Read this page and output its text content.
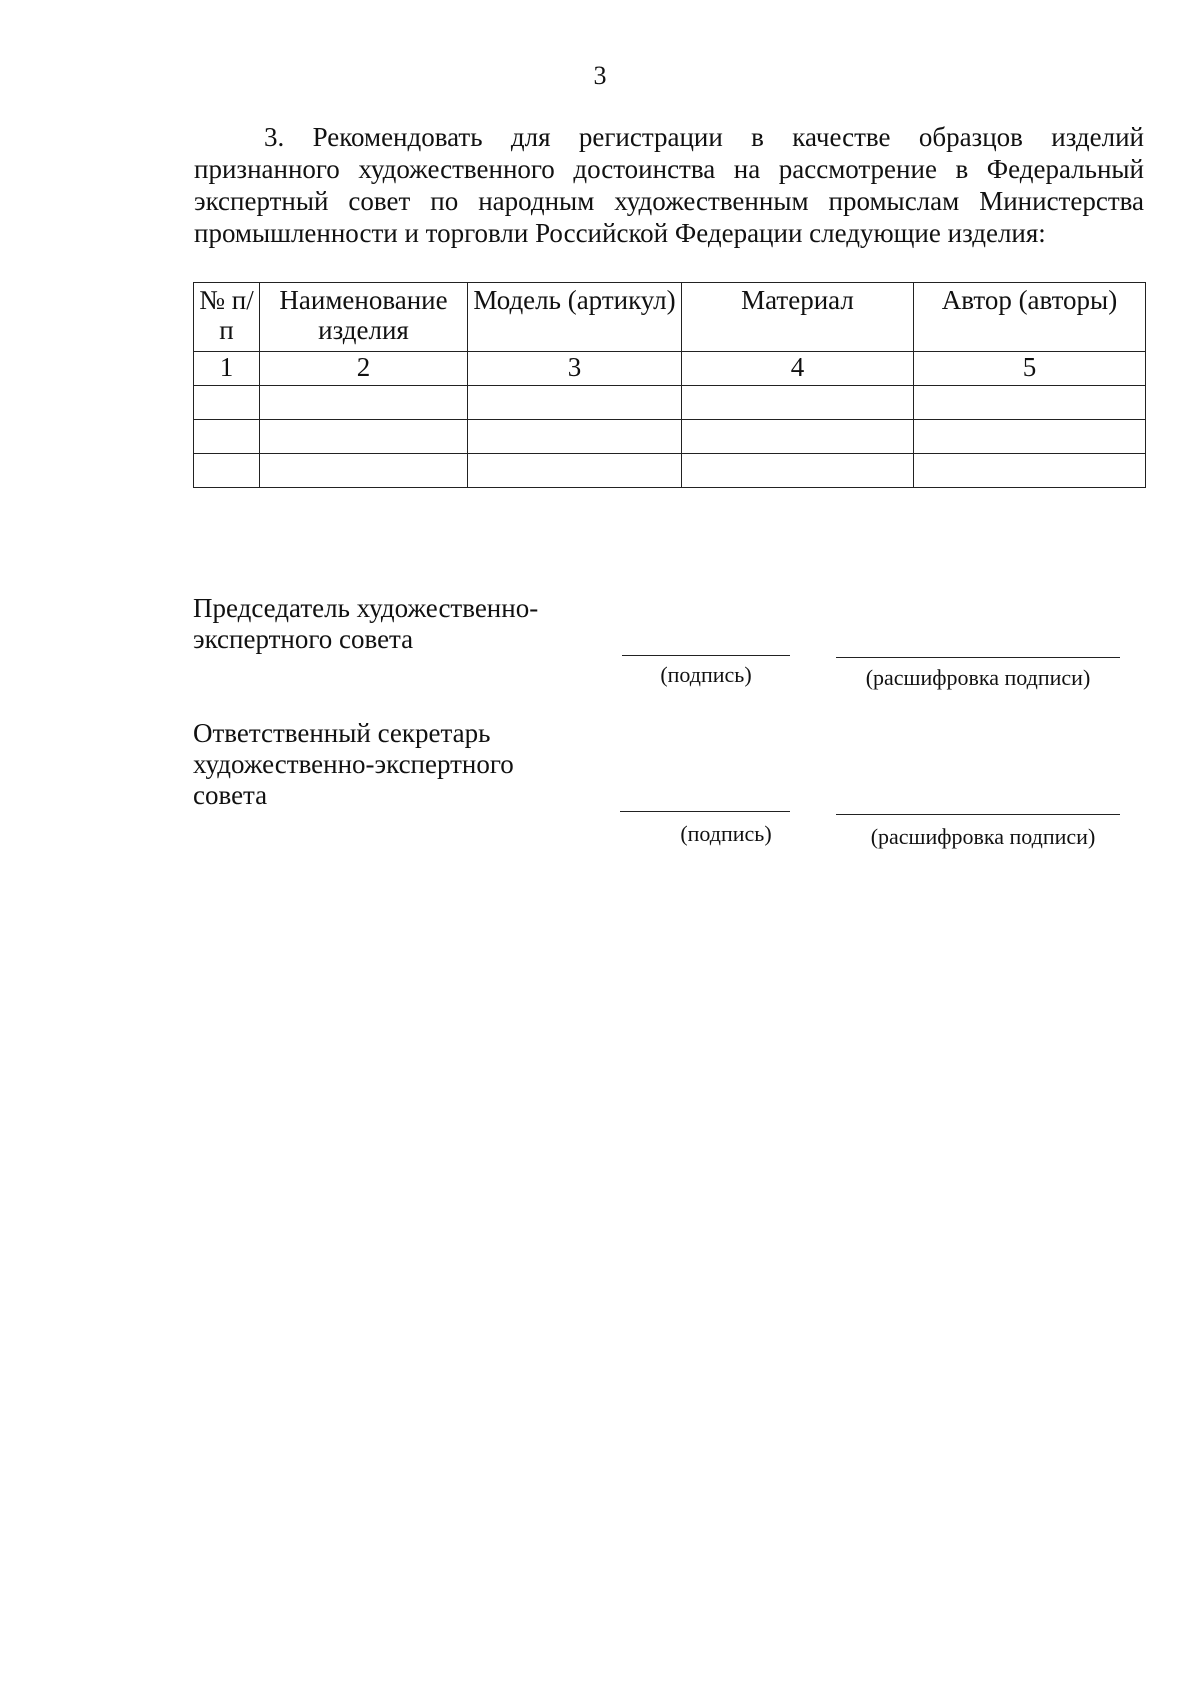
3

3. Рекомендовать для регистрации в качестве образцов изделий признанного художественного достоинства на рассмотрение в Федеральный экспертный совет по народным художественным промыслам Министерства промышленности и торговли Российской Федерации следующие изделия:

№ п/п	Наименование изделия	Модель (артикул)	Материал	Автор (авторы)
1	2	3	4	5

Председатель художественно-
экспертного совета
(подпись)	(расшифровка подписи)
Ответственный секретарь
художественно-экспертного
совета
(подпись)	(расшифровка подписи)
